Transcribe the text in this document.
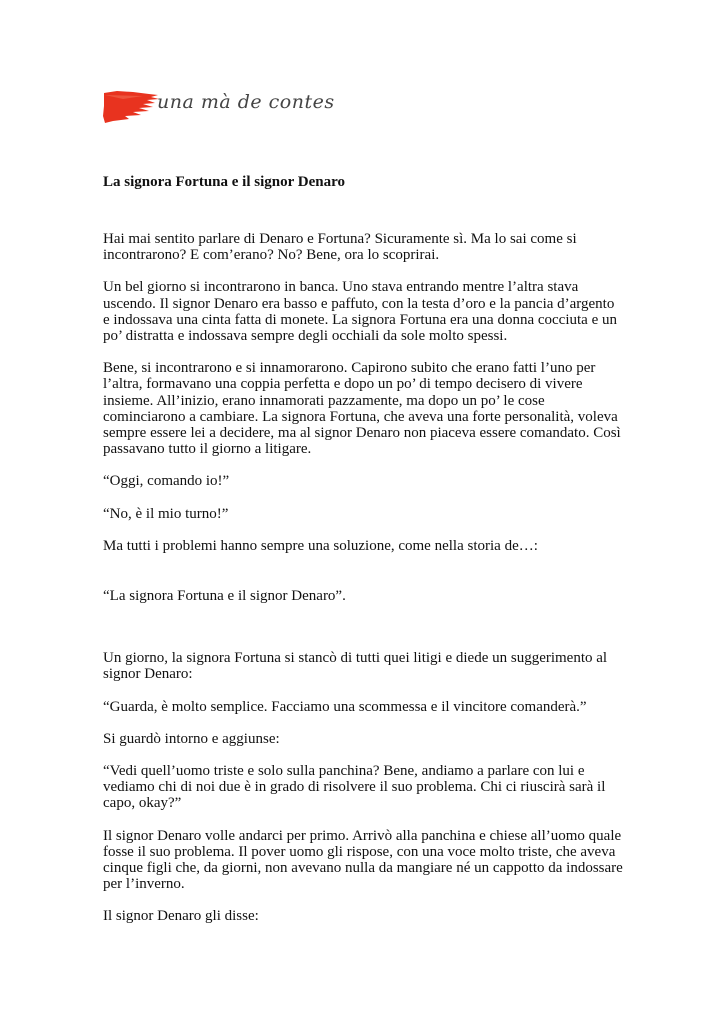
una mà de contes
La signora Fortuna e il signor Denaro

Hai mai sentito parlare di Denaro e Fortuna? Sicuramente sì. Ma lo sai come si incontrarono? E com’erano? No? Bene, ora lo scoprirai.

Un bel giorno si incontrarono in banca. Uno stava entrando mentre l’altra stava uscendo. Il signor Denaro era basso e paffuto, con la testa d’oro e la pancia d’argento e indossava una cinta fatta di monete. La signora Fortuna era una donna cocciuta e un po’ distratta e indossava sempre degli occhiali da sole molto spessi.

Bene, si incontrarono e si innamorarono. Capirono subito che erano fatti l’uno per l’altra, formavano una coppia perfetta e dopo un po’ di tempo decisero di vivere insieme. All’inizio, erano innamorati pazzamente, ma dopo un po’ le cose cominciarono a cambiare. La signora Fortuna, che aveva una forte personalità, voleva sempre essere lei a decidere, ma al signor Denaro non piaceva essere comandato. Così passavano tutto il giorno a litigare.

“Oggi, comando io!”

“No, è il mio turno!”

Ma tutti i problemi hanno sempre una soluzione, come nella storia de…:

“La signora Fortuna e il signor Denaro”.

Un giorno, la signora Fortuna si stancò di tutti quei litigi e diede un suggerimento al signor Denaro:

“Guarda, è molto semplice. Facciamo una scommessa e il vincitore comanderà.”

Si guardò intorno e aggiunse:

“Vedi quell’uomo triste e solo sulla panchina? Bene, andiamo a parlare con lui e vediamo chi di noi due è in grado di risolvere il suo problema. Chi ci riuscirà sarà il capo, okay?”

Il signor Denaro volle andarci per primo. Arrivò alla panchina e chiese all’uomo quale fosse il suo problema. Il pover uomo gli rispose, con una voce molto triste, che aveva cinque figli che, da giorni, non avevano nulla da mangiare né un cappotto da indossare per l’inverno.

Il signor Denaro gli disse:
